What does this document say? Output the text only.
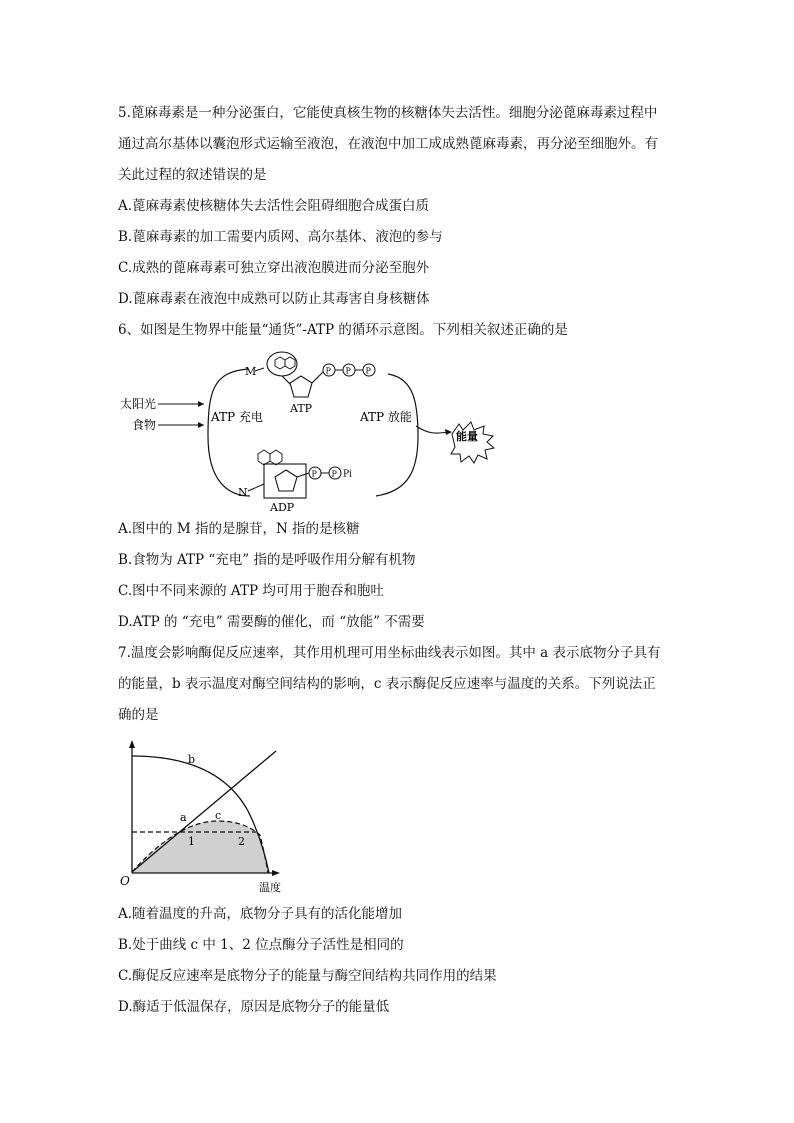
5.蓖麻毒素是一种分泌蛋白，它能使真核生物的核糖体失去活性。细胞分泌蓖麻毒素过程中
通过高尔基体以囊泡形式运输至液泡，在液泡中加工成成熟蓖麻毒素，再分泌至细胞外。有
关此过程的叙述错误的是
A.蓖麻毒素使核糖体失去活性会阻碍细胞合成蛋白质
B.蓖麻毒素的加工需要内质网、高尔基体、液泡的参与
C.成熟的蓖麻毒素可独立穿出液泡膜进而分泌至胞外
D.蓖麻毒素在液泡中成熟可以防止其毒害自身核糖体
6、如图是生物界中能量“通货”-ATP 的循环示意图。下列相关叙述正确的是
太阳光
食物
ATP 充电	ATP 放能
能量
P P P
ATP
M
P P Pi
ADP
N
A.图中的 M 指的是腺苷，N 指的是核糖
B.食物为 ATP “充电” 指的是呼吸作用分解有机物
C.图中不同来源的 ATP 均可用于胞吞和胞吐
D.ATP 的 “充电” 需要酶的催化，而 “放能” 不需要
7.温度会影响酶促反应速率，其作用机理可用坐标曲线表示如图。其中 a 表示底物分子具有
的能量，b 表示温度对酶空间结构的影响，c 表示酶促反应速率与温度的关系。下列说法正
确的是
O	温度
b
a	c
1	2
A.随着温度的升高，底物分子具有的活化能增加
B.处于曲线 c 中 1、2 位点酶分子活性是相同的
C.酶促反应速率是底物分子的能量与酶空间结构共同作用的结果
D.酶适于低温保存，原因是底物分子的能量低
